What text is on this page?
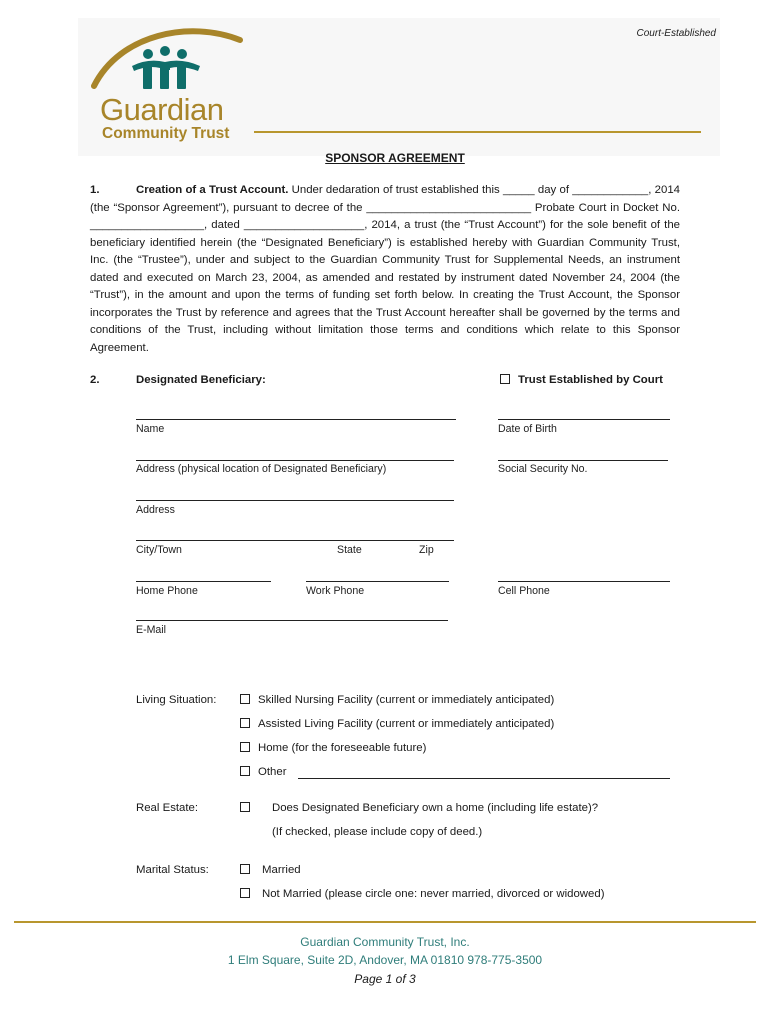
Court-Established
Guardian
Community Trust
SPONSOR AGREEMENT
1.	Creation of a Trust Account. Under dedaration of trust established this _____ day of ____________, 2014 (the “Sponsor Agreement”), pursuant to decree of the __________________________ Probate Court in Docket No. __________________, dated ___________________, 2014, a trust (the “Trust Account”) for the sole benefit of the beneficiary identified herein (the “Designated Beneficiary”) is established hereby with Guardian Community Trust, Inc. (the “Trustee”), under and subject to the Guardian Community Trust for Supplemental Needs, an instrument dated and executed on March 23, 2004, as amended and restated by instrument dated November 24, 2004 (the “Trust”), in the amount and upon the terms of funding set forth below. In creating the Trust Account, the Sponsor incorporates the Trust by reference and agrees that the Trust Account hereafter shall be governed by the terms and conditions of the Trust, including without limitation those terms and conditions which relate to this Sponsor Agreement.
2.	Designated Beneficiary:	Trust Established by Court
Name	Date of Birth
Address (physical location of Designated Beneficiary)	Social Security No.
Address
City/Town	State	Zip
Home Phone	Work Phone	Cell Phone
E-Mail
Living Situation:	Skilled Nursing Facility (current or immediately anticipated)
Assisted Living Facility (current or immediately anticipated)
Home (for the foreseeable future)
Other
Real Estate:	Does Designated Beneficiary own a home (including life estate)?
(If checked, please include copy of deed.)
Marital Status:	Married
Not Married (please circle one: never married, divorced or widowed)
Guardian Community Trust, Inc.
1 Elm Square, Suite 2D, Andover, MA 01810 978-775-3500
Page 1 of 3
